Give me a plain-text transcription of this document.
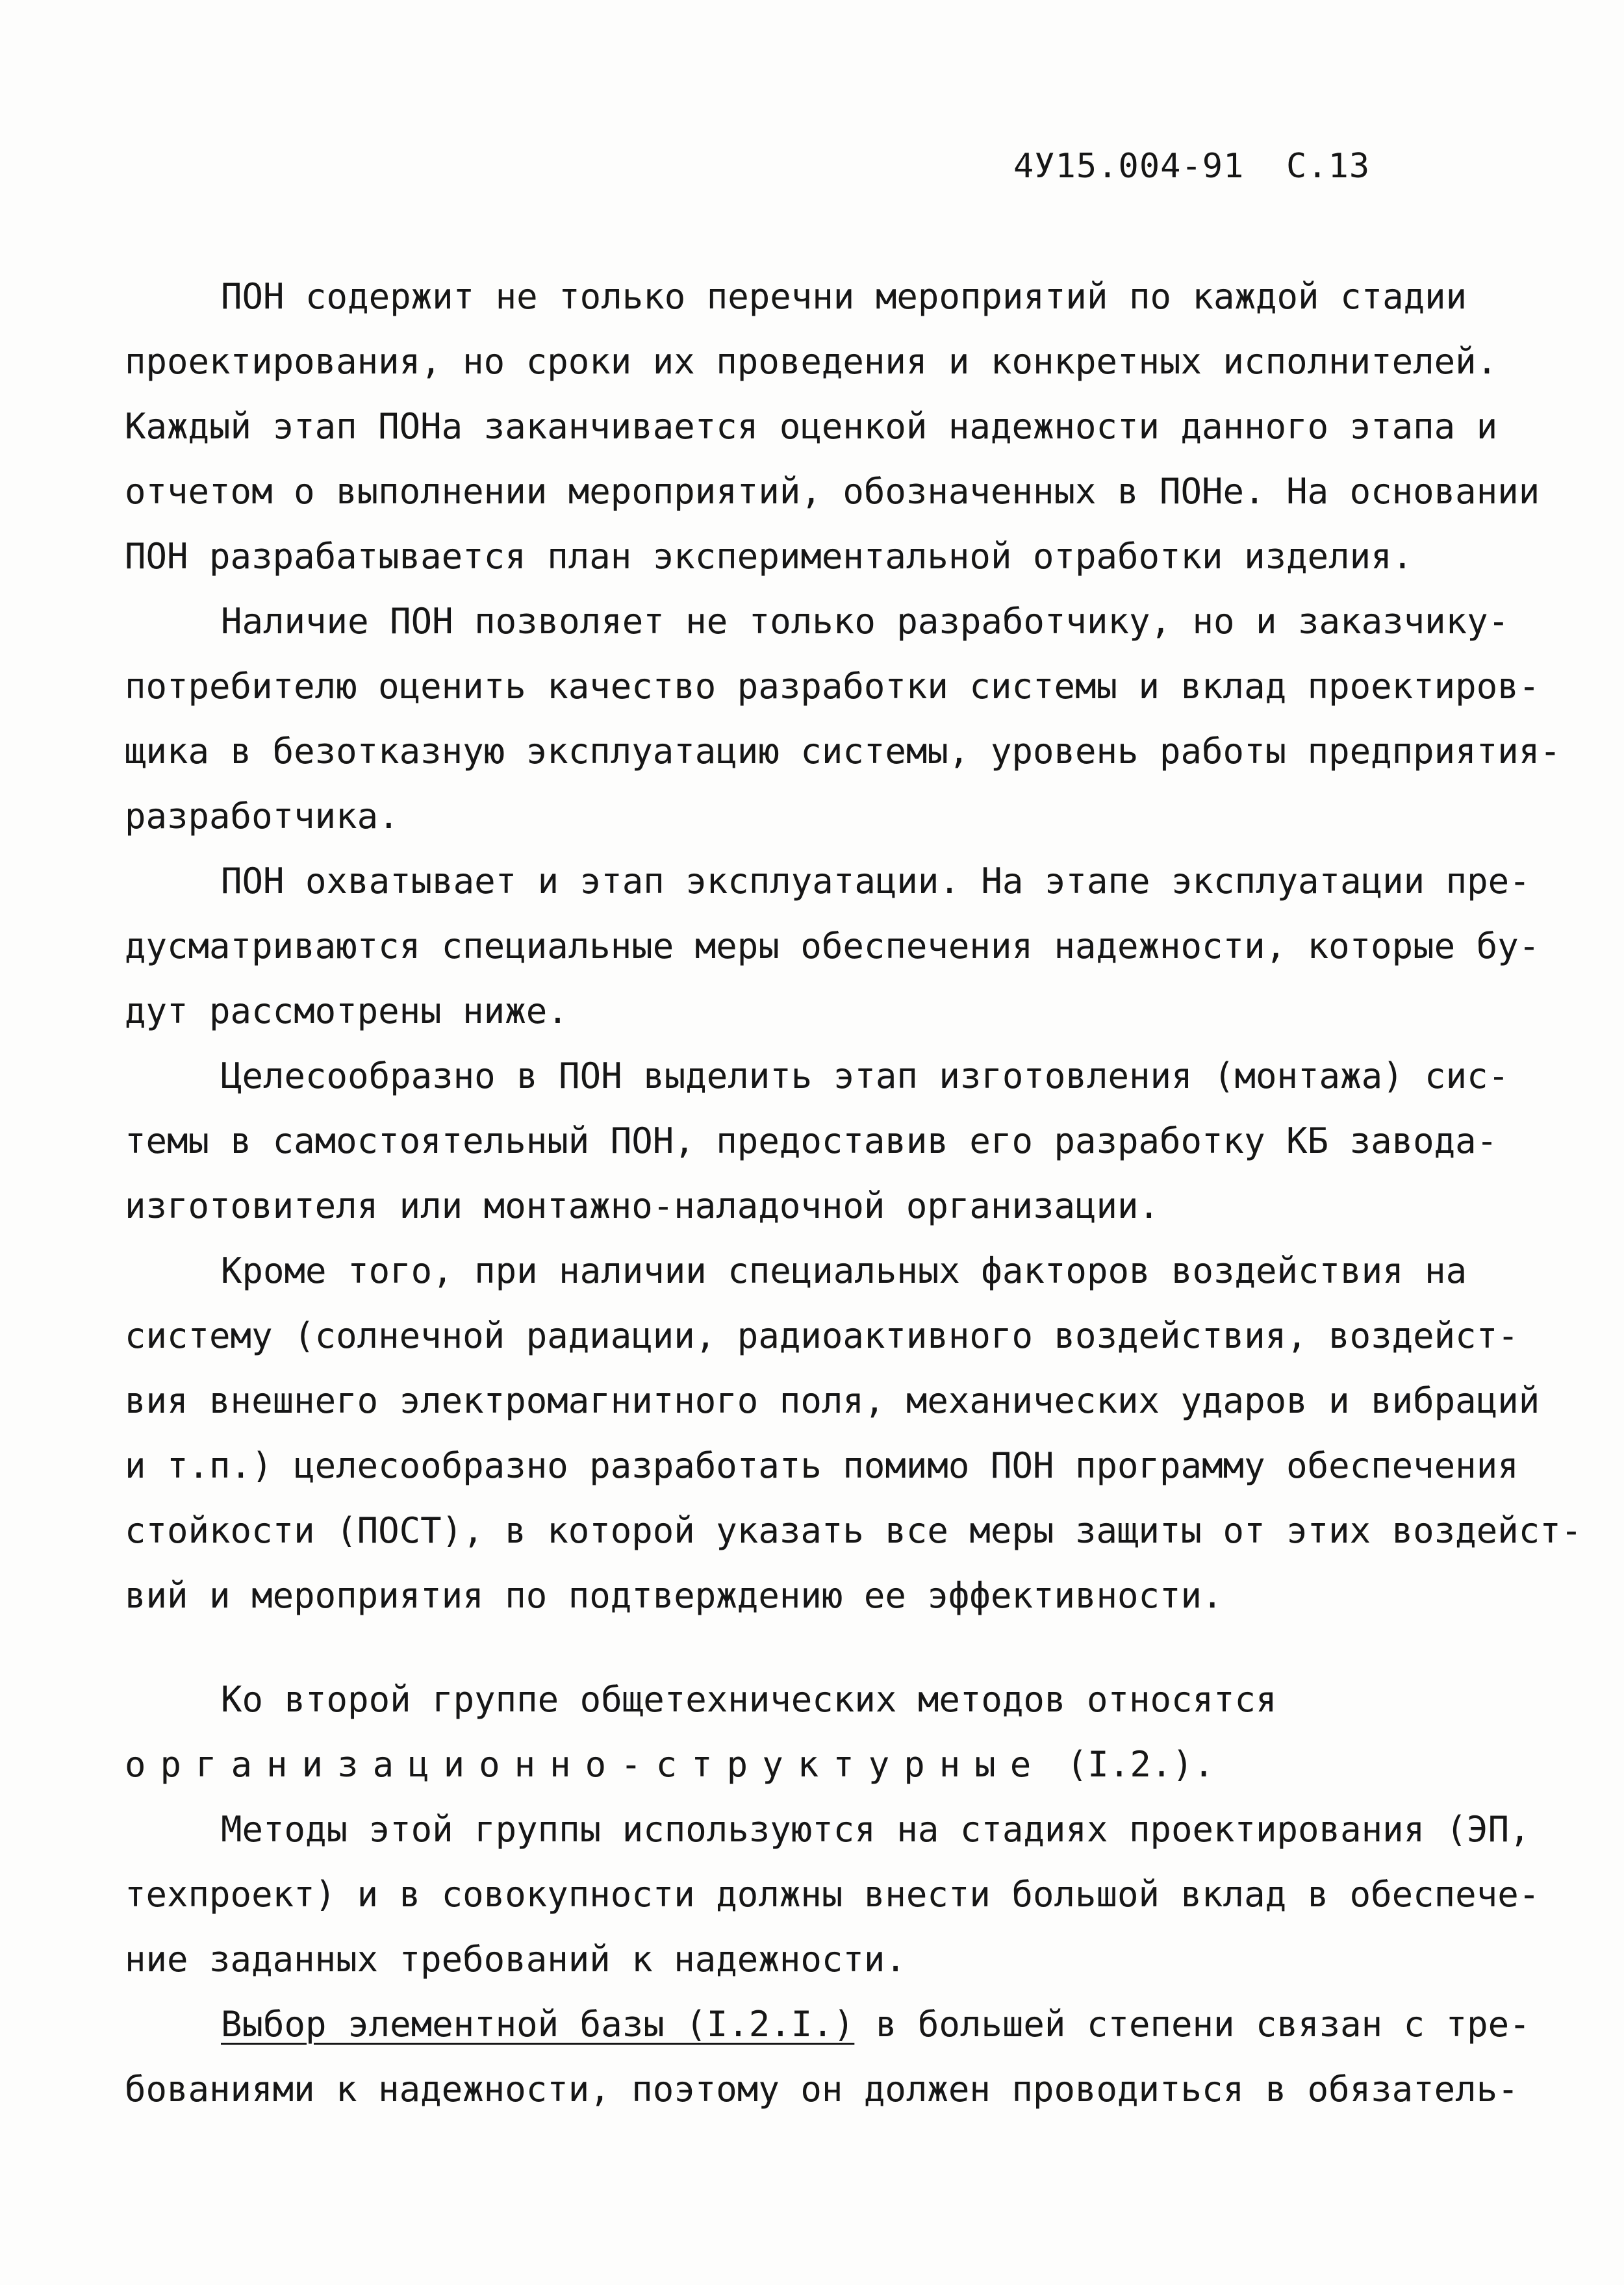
4У15.004-91  С.13
ПОН содержит не только перечни мероприятий по каждой стадии
проектирования, но сроки их проведения и конкретных исполнителей.
Каждый этап ПОНа заканчивается оценкой надежности данного этапа и
отчетом о выполнении мероприятий, обозначенных в ПОНе. На основании
ПОН разрабатывается план экспериментальной отработки изделия.
Наличие ПОН позволяет не только разработчику, но и заказчику-
потребителю оценить качество разработки системы и вклад проектиров-
щика в безотказную эксплуатацию системы, уровень работы предприятия-
разработчика.
ПОН охватывает и этап эксплуатации. На этапе эксплуатации пре-
дусматриваются специальные меры обеспечения надежности, которые бу-
дут рассмотрены ниже.
Целесообразно в ПОН выделить этап изготовления (монтажа) сис-
темы в самостоятельный ПОН, предоставив его разработку КБ завода-
изготовителя или монтажно-наладочной организации.
Кроме того, при наличии специальных факторов воздействия на
систему (солнечной радиации, радиоактивного воздействия, воздейст-
вия внешнего электромагнитного поля, механических ударов и вибраций
и т.п.) целесообразно разработать помимо ПОН программу обеспечения
стойкости (ПОСТ), в которой указать все меры защиты от этих воздейст-
вий и мероприятия по подтверждению ее эффективности.
Ко второй группе общетехнических методов относятся
организационно-структурные (I.2.).
Методы этой группы используются на стадиях проектирования (ЭП,
техпроект) и в совокупности должны внести большой вклад в обеспече-
ние заданных требований к надежности.
Выбор элементной базы (I.2.I.) в большей степени связан с тре-
бованиями к надежности, поэтому он должен проводиться в обязатель-
